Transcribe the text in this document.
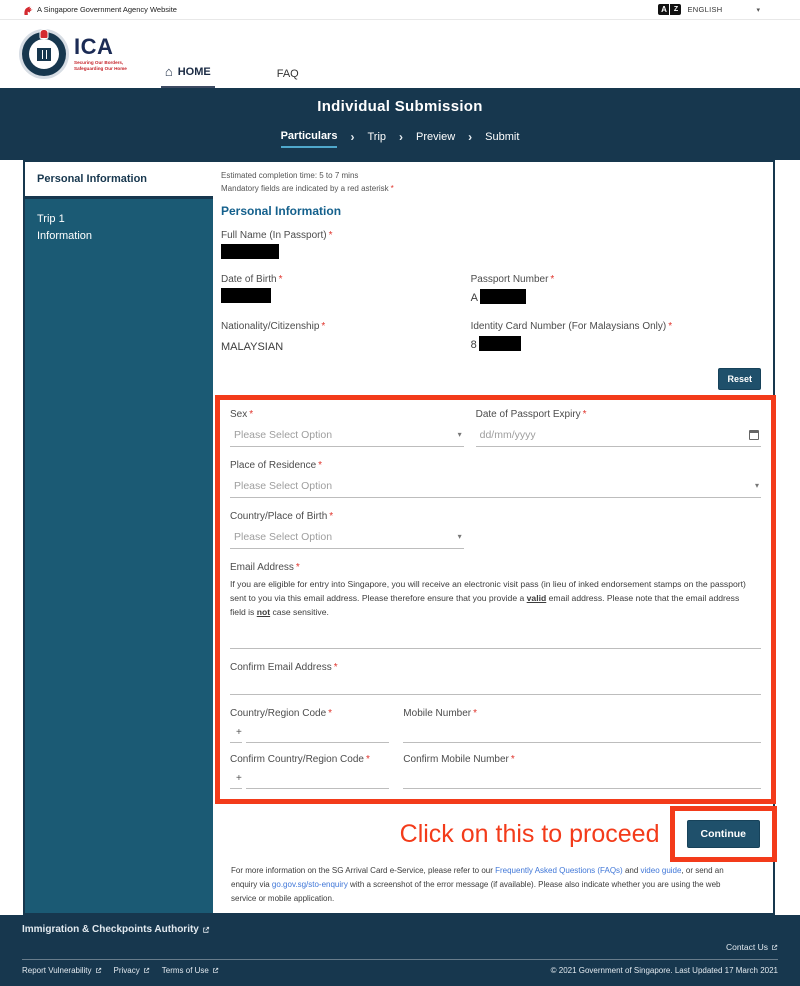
A Singapore Government Agency Website	A Z	ENGLISH	▾
ICA
Securing Our Borders,
Safeguarding Our Home	⌂ HOME	FAQ
Individual Submission
Particulars › Trip › Preview › Submit
Personal Information
Trip 1
Information
Estimated completion time: 5 to 7 mins
Mandatory fields are indicated by a red asterisk *
Personal Information
Full Name (In Passport) *
Date of Birth *	Passport Number *
A
Nationality/Citizenship *
MALAYSIAN
Identity Card Number (For Malaysians Only) *
8
Reset
Sex *
Please Select Option	▾
Date of Passport Expiry *
dd/mm/yyyy
Place of Residence *
Please Select Option	▾
Country/Place of Birth *
Please Select Option	▾
Email Address *
If you are eligible for entry into Singapore, you will receive an electronic visit pass (in lieu of inked endorsement stamps on the passport) sent to you via this email address. Please therefore ensure that you provide a valid email address. Please note that the email address field is not case sensitive.
Confirm Email Address *
Country/Region Code *
+
Mobile Number *
Confirm Country/Region Code *
+
Confirm Mobile Number *
Click on this to proceed	Continue
For more information on the SG Arrival Card e-Service, please refer to our Frequently Asked Questions (FAQs) and video guide, or send an enquiry via go.gov.sg/sto-enquiry with a screenshot of the error message (if available). Please also indicate whether you are using the web service or mobile application.
Immigration & Checkpoints Authority
Contact Us
Report Vulnerability	Privacy	Terms of Use	© 2021 Government of Singapore. Last Updated 17 March 2021
